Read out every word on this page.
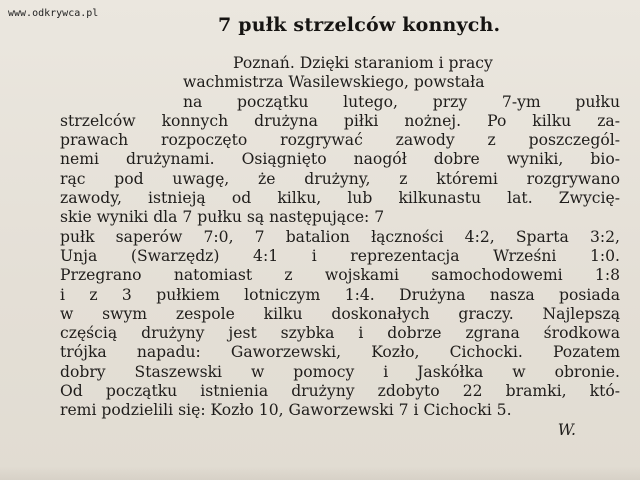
www.odkrywca.pl
7 pułk strzelców konnych.
Poznań. Dzięki staraniom i pracy
wachmistrza Wasilewskiego, powstała
na początku lutego, przy 7-ym pułku
strzelców konnych drużyna piłki nożnej. Po kilku za-
prawach rozpoczęto rozgrywać zawody z poszczegól-
nemi drużynami. Osiągnięto naogół dobre wyniki, bio-
rąc pod uwagę, że drużyny, z któremi rozgrywano
zawody, istnieją od kilku, lub kilkunastu lat. Zwycię-
skie wyniki dla 7 pułku są następujące: 7
pułk saperów 7:0, 7 batalion łączności 4:2, Sparta 3:2,
Unja (Swarzędz) 4:1 i reprezentacja Wrześni 1:0.
Przegrano natomiast z wojskami samochodowemi 1:8
i z 3 pułkiem lotniczym 1:4. Drużyna nasza posiada
w swym zespole kilku doskonałych graczy. Najlepszą
częścią drużyny jest szybka i dobrze zgrana środkowa
trójka napadu: Gaworzewski, Kozło, Cichocki. Pozatem
dobry Staszewski w pomocy i Jaskółka w obronie.
Od początku istnienia drużyny zdobyto 22 bramki, któ-
remi podzielili się: Kozło 10, Gaworzewski 7 i Cichocki 5.
W.
